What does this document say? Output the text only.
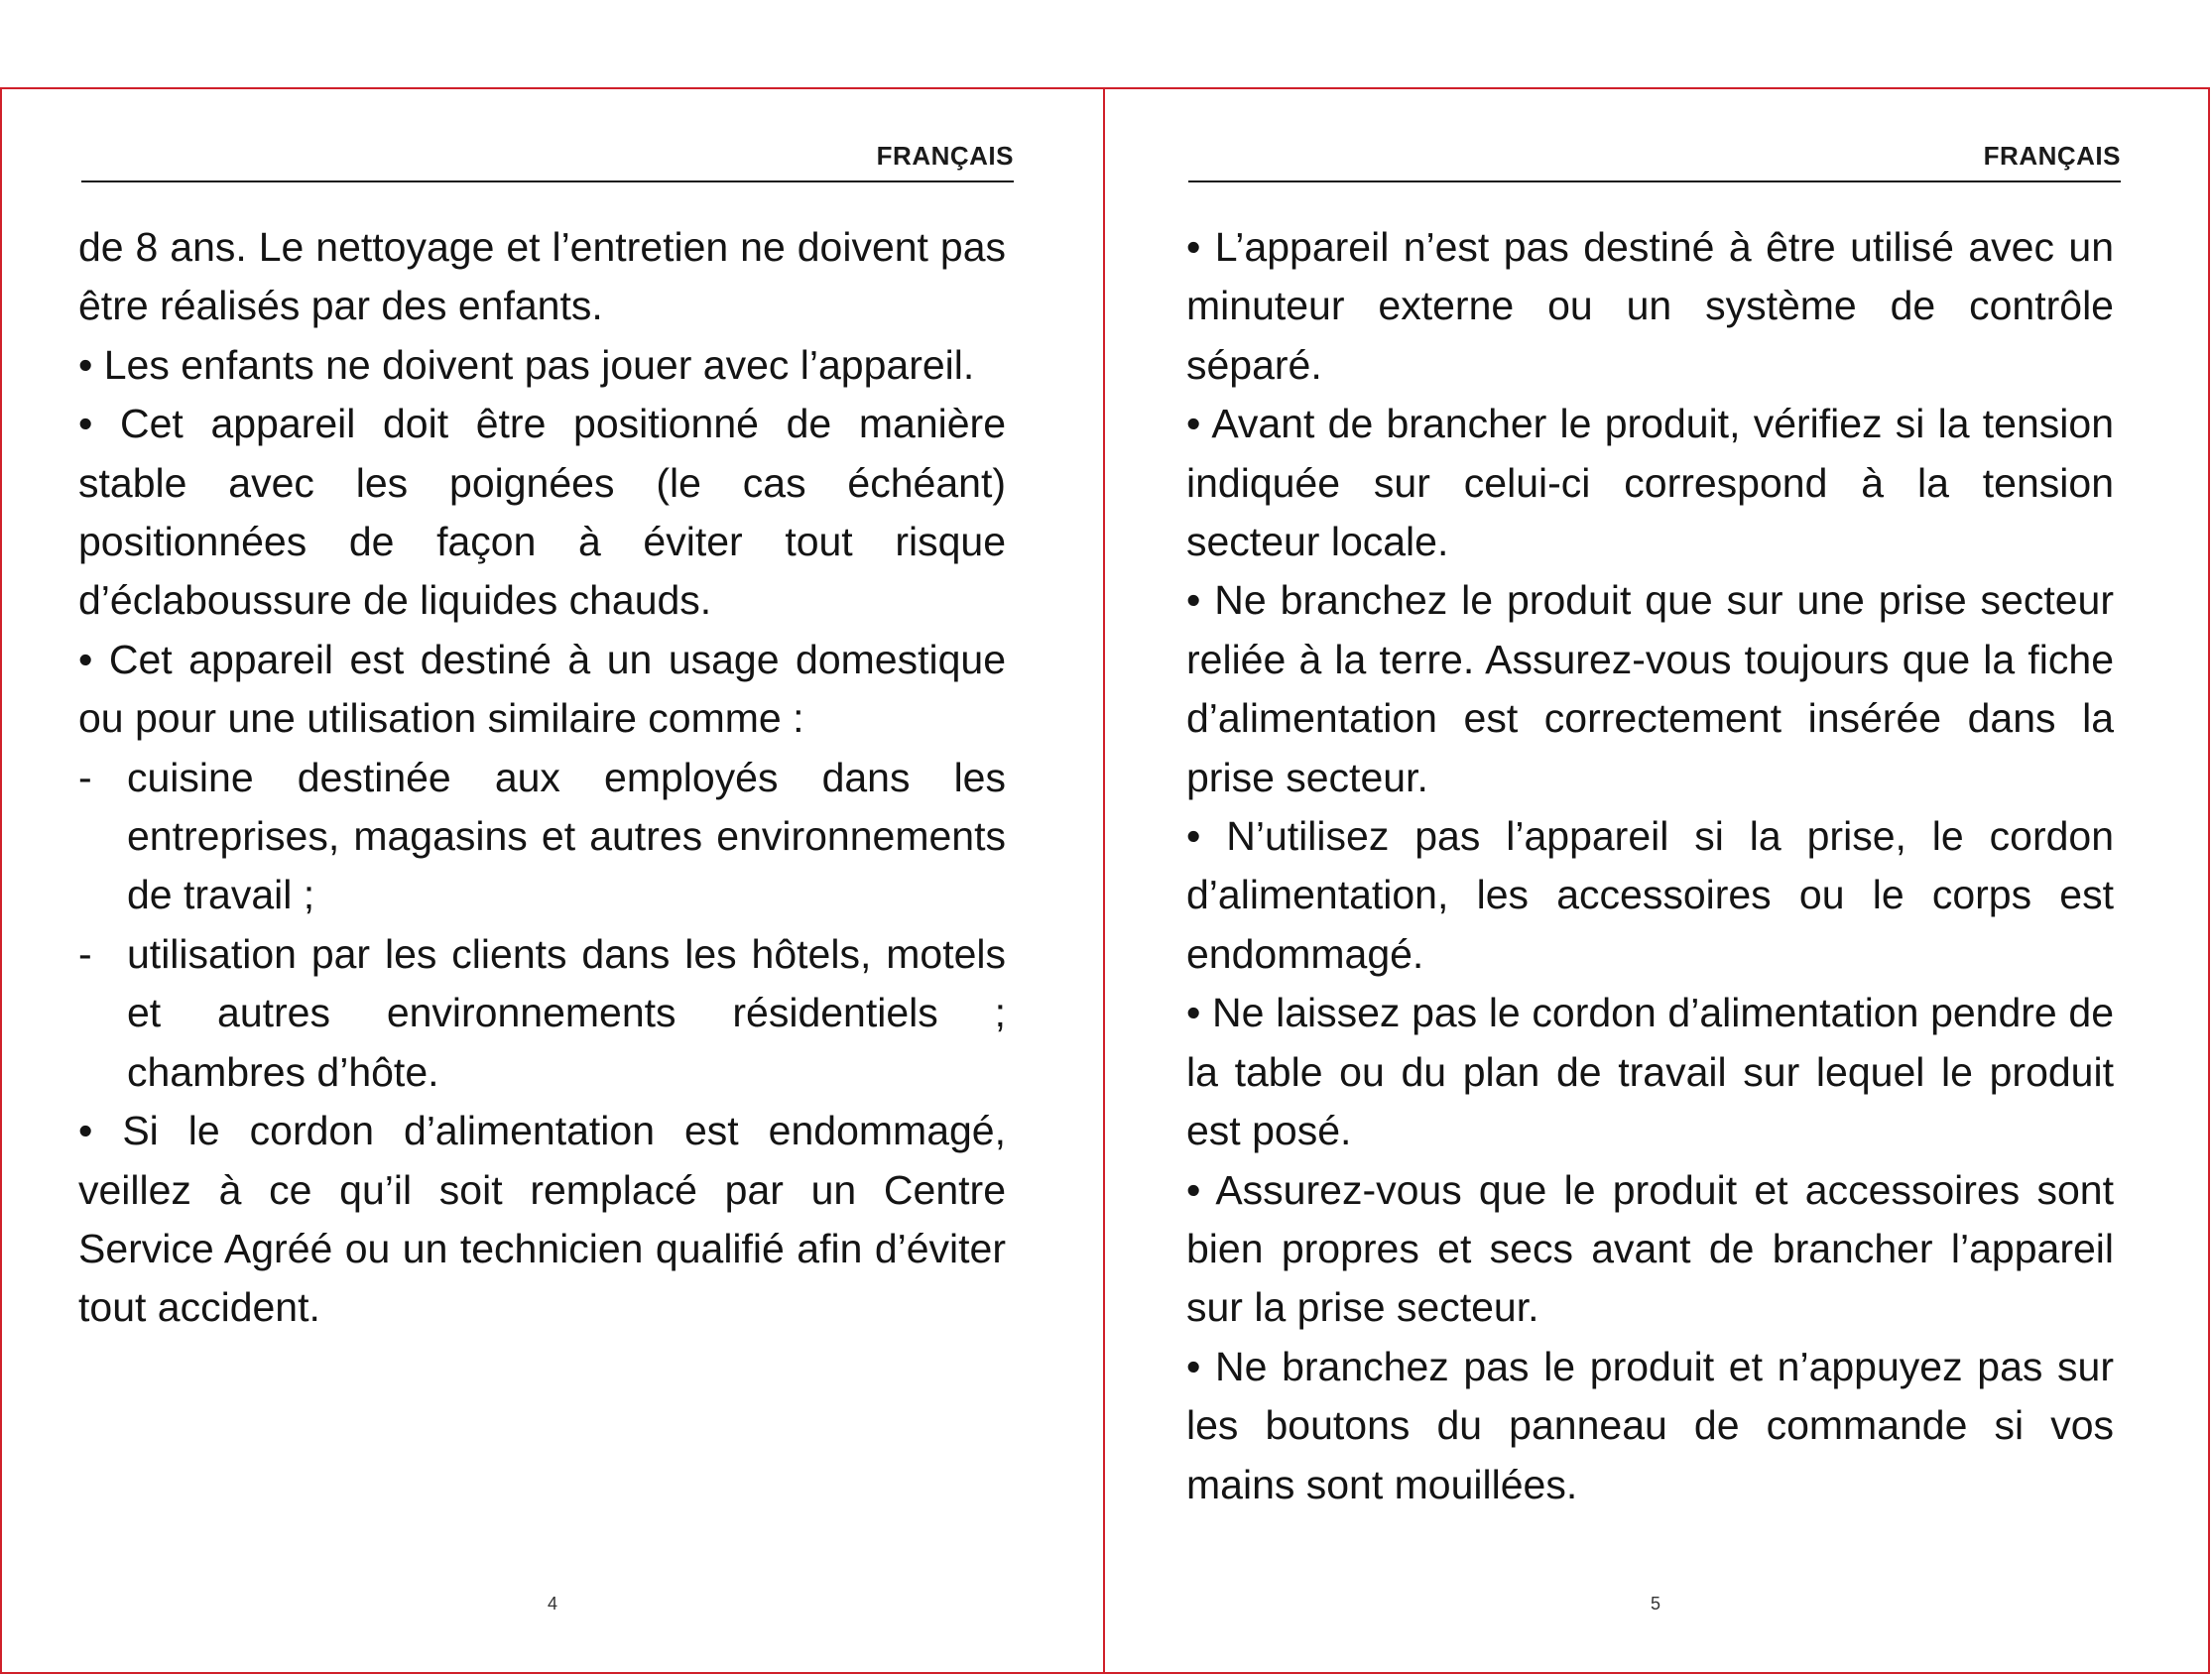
FRANÇAIS

de 8 ans. Le nettoyage et l’entretien ne doivent pas être réalisés par des enfants.

• Les enfants ne doivent pas jouer avec l’appareil.

• Cet appareil doit être positionné de manière stable avec les poignées (le cas échéant) positionnées de façon à éviter tout risque d’éclaboussure de liquides chauds.

• Cet appareil est destiné à un usage domestique ou pour une utilisation similaire comme :

- cuisine destinée aux employés dans les entreprises, magasins et autres environnements de travail ;
- utilisation par les clients dans les hôtels, motels et autres environnements résidentiels ; chambres d’hôte.

• Si le cordon d’alimentation est endommagé, veillez à ce qu’il soit remplacé par un Centre Service Agréé ou un technicien qualifié afin d’éviter tout accident.

4
FRANÇAIS

• L’appareil n’est pas destiné à être utilisé avec un minuteur externe ou un système de contrôle séparé.

• Avant de brancher le produit, vérifiez si la tension indiquée sur celui-ci correspond à la tension secteur locale.

• Ne branchez le produit que sur une prise secteur reliée à la terre. Assurez-vous toujours que la fiche d’alimentation est correctement insérée dans la prise secteur.

• N’utilisez pas l’appareil si la prise, le cordon d’alimentation, les accessoires ou le corps est endommagé.

• Ne laissez pas le cordon d’alimentation pendre de la table ou du plan de travail sur lequel le produit est posé.

• Assurez-vous que le produit et accessoires sont bien propres et secs avant de brancher l’appareil sur la prise secteur.

• Ne branchez pas le produit et n’appuyez pas sur les boutons du panneau de commande si vos mains sont mouillées.

5
